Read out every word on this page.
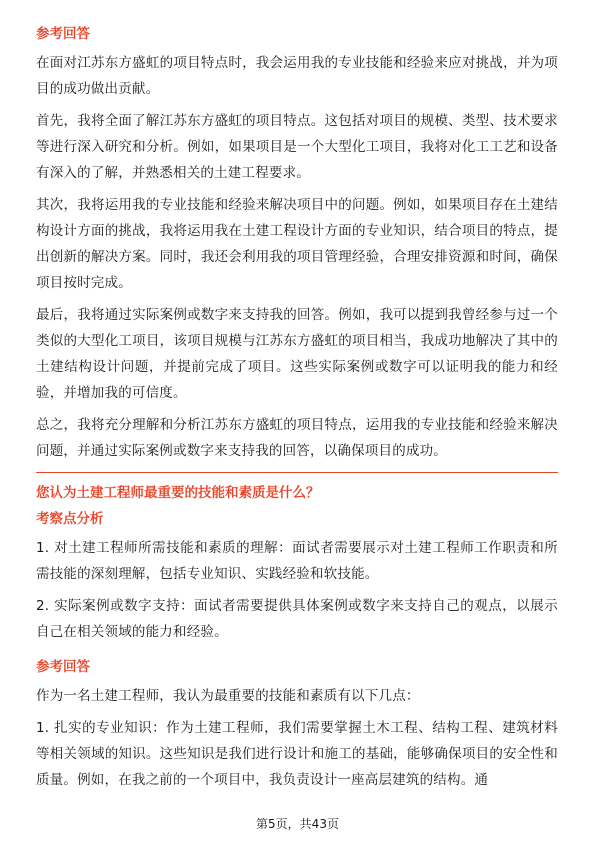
参考回答

在面对江苏东方盛虹的项目特点时，我会运用我的专业技能和经验来应对挑战，并为项目的成功做出贡献。

首先，我将全面了解江苏东方盛虹的项目特点。这包括对项目的规模、类型、技术要求等进行深入研究和分析。例如，如果项目是一个大型化工项目，我将对化工工艺和设备有深入的了解，并熟悉相关的土建工程要求。

其次，我将运用我的专业技能和经验来解决项目中的问题。例如，如果项目存在土建结构设计方面的挑战，我将运用我在土建工程设计方面的专业知识，结合项目的特点，提出创新的解决方案。同时，我还会利用我的项目管理经验，合理安排资源和时间，确保项目按时完成。

最后，我将通过实际案例或数字来支持我的回答。例如，我可以提到我曾经参与过一个类似的大型化工项目，该项目规模与江苏东方盛虹的项目相当，我成功地解决了其中的土建结构设计问题，并提前完成了项目。这些实际案例或数字可以证明我的能力和经验，并增加我的可信度。

总之，我将充分理解和分析江苏东方盛虹的项目特点，运用我的专业技能和经验来解决问题，并通过实际案例或数字来支持我的回答，以确保项目的成功。

您认为土建工程师最重要的技能和素质是什么？
考察点分析

1. 对土建工程师所需技能和素质的理解：面试者需要展示对土建工程师工作职责和所需技能的深刻理解，包括专业知识、实践经验和软技能。

2. 实际案例或数字支持：面试者需要提供具体案例或数字来支持自己的观点，以展示自己在相关领域的能力和经验。

参考回答

作为一名土建工程师，我认为最重要的技能和素质有以下几点：

1. 扎实的专业知识：作为土建工程师，我们需要掌握土木工程、结构工程、建筑材料等相关领域的知识。这些知识是我们进行设计和施工的基础，能够确保项目的安全性和质量。例如，在我之前的一个项目中，我负责设计一座高层建筑的结构。通

第5页，共43页
